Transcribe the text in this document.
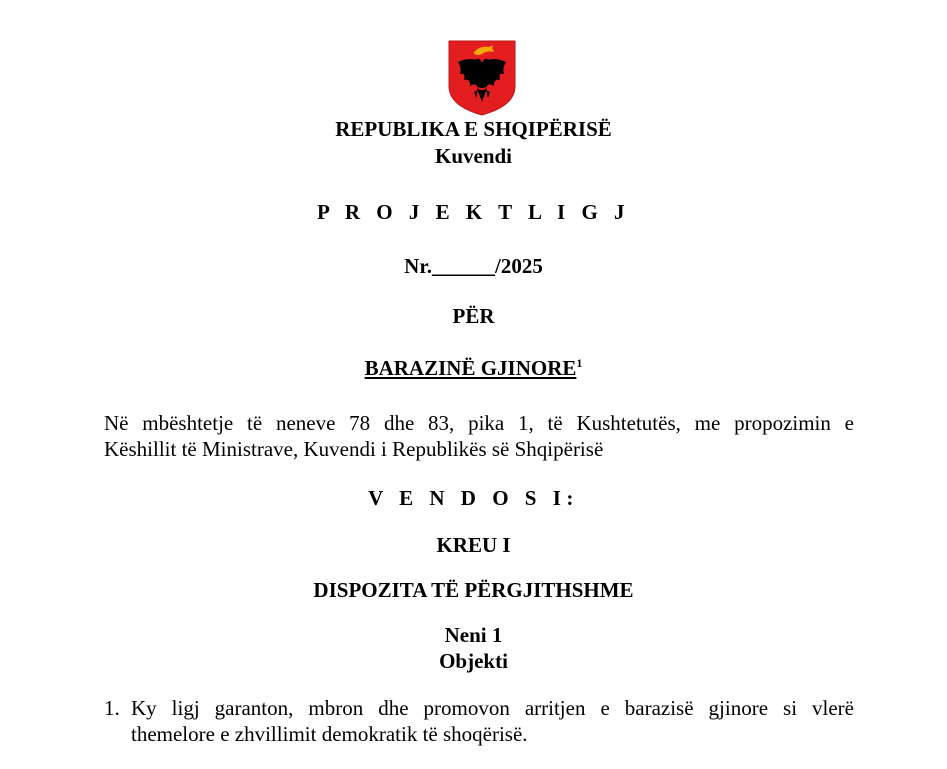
REPUBLIKA E SHQIPËRISË
Kuvendi
P R O J E K T L I G J
Nr.______/2025
PËR
BARAZINË GJINORE$^1$
Në mbështetje të neneve 78 dhe 83, pika 1, të Kushtetutës, me propozimin e
Këshillit të Ministrave, Kuvendi i Republikës së Shqipërisë
V E N D O S I:
KREU I
DISPOZITA TË PËRGJITHSHME
Neni 1
Objekti
1. Ky ligj garanton, mbron dhe promovon arritjen e barazisë gjinore si vlerë
themelore e zhvillimit demokratik të shoqërisë.
